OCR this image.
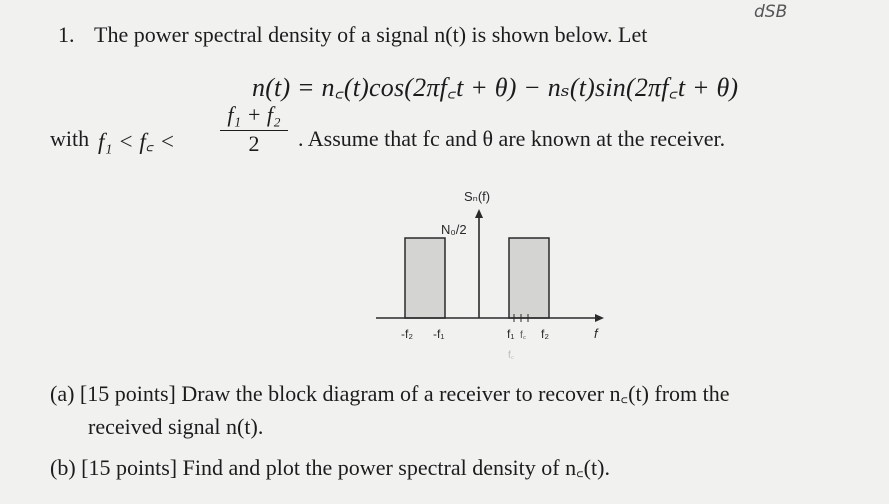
dSB
1. The power spectral density of a signal n(t) is shown below. Let
n(t) = n꜀(t)cos(2πf꜀t + θ) − nₛ(t)sin(2πf꜀t + θ)
with f₁ < f꜀ <
f₁ + f₂
2	. Assume that fc and θ are known at the receiver.
Sₙ(f)
N₀/2
-f₂ -f₁	f₁ f꜀ f₂	f
f꜀
(a) [15 points] Draw the block diagram of a receiver to recover n꜀(t) from the
received signal n(t).
(b) [15 points] Find and plot the power spectral density of n꜀(t).
